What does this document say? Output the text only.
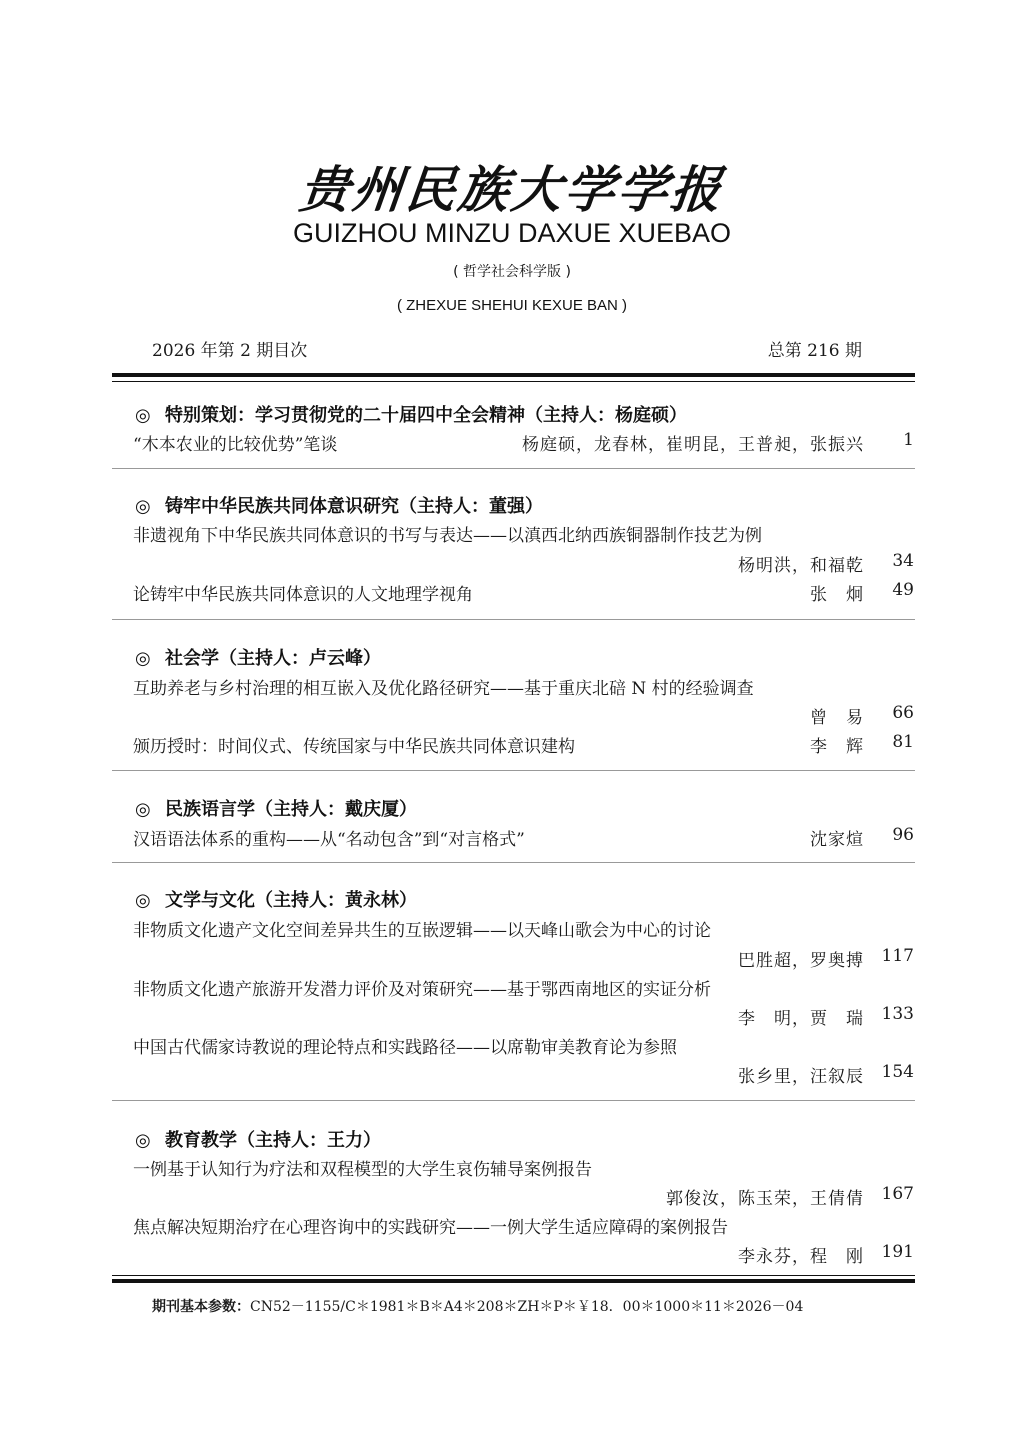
贵州民族大学学报
GUIZHOU MINZU DAXUE XUEBAO
( 哲学社会科学版 )
( ZHEXUE SHEHUI KEXUE BAN )
2026 年第 2 期目次	总第 216 期
◎ 特别策划：学习贯彻党的二十届四中全会精神（主持人：杨庭硕）
“木本农业的比较优势”笔谈	杨庭硕，龙春林，崔明昆，王普昶，张振兴 1
◎ 铸牢中华民族共同体意识研究（主持人：董强）
非遗视角下中华民族共同体意识的书写与表达——以滇西北纳西族铜器制作技艺为例
杨明洪，和福乾 34
论铸牢中华民族共同体意识的人文地理学视角	张　炯 49
◎ 社会学（主持人：卢云峰）
互助养老与乡村治理的相互嵌入及优化路径研究——基于重庆北碚 N 村的经验调查
曾　易 66
颁历授时：时间仪式、传统国家与中华民族共同体意识建构	李　辉 81
◎ 民族语言学（主持人：戴庆厦）
汉语语法体系的重构——从“名动包含”到“对言格式”	沈家煊 96
◎ 文学与文化（主持人：黄永林）
非物质文化遗产文化空间差异共生的互嵌逻辑——以天峰山歌会为中心的讨论
巴胜超，罗奥搏 117
非物质文化遗产旅游开发潜力评价及对策研究——基于鄂西南地区的实证分析
李　明，贾　瑞 133
中国古代儒家诗教说的理论特点和实践路径——以席勒审美教育论为参照
张乡里，汪叙辰 154
◎ 教育教学（主持人：王力）
一例基于认知行为疗法和双程模型的大学生哀伤辅导案例报告
郭俊汝，陈玉荣，王倩倩 167
焦点解决短期治疗在心理咨询中的实践研究——一例大学生适应障碍的案例报告
李永芬，程　刚 191
期刊基本参数：CN52－1155/C＊1981＊B＊A4＊208＊ZH＊P＊￥18．00＊1000＊11＊2026－04
